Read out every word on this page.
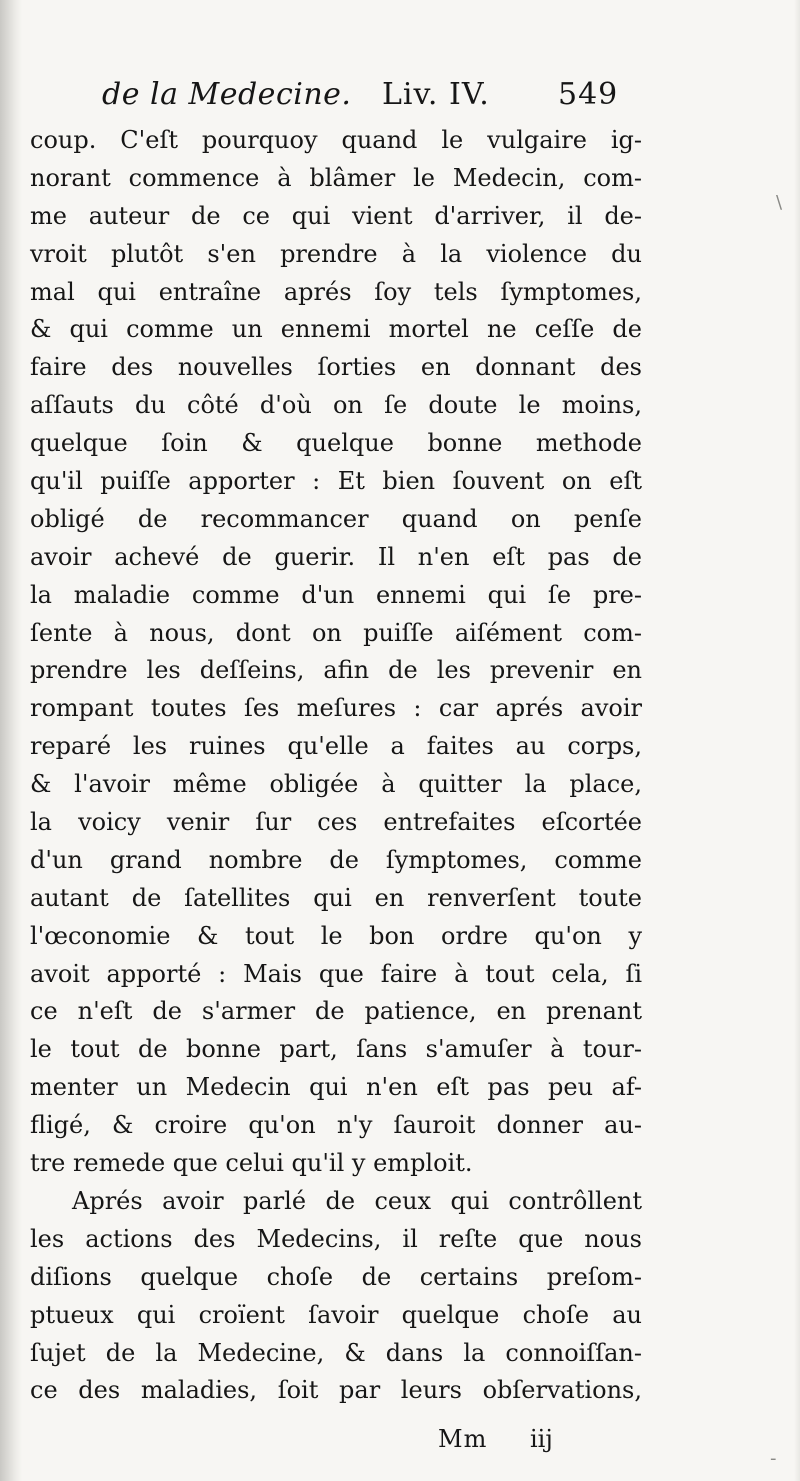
de la Medecine. Liv. IV. 549
coup. C'eſt pourquoy quand le vulgaire ig-
norant commence à blâmer le Medecin, com-
me auteur de ce qui vient d'arriver, il de-
vroit plutôt s'en prendre à la violence du
mal qui entraîne aprés ſoy tels ſymptomes,
& qui comme un ennemi mortel ne ceſſe de
faire des nouvelles ſorties en donnant des
aſſauts du côté d'où on ſe doute le moins,
quelque ſoin & quelque bonne methode
qu'il puiſſe apporter : Et bien ſouvent on eſt
obligé de recommancer quand on penſe
avoir achevé de guerir. Il n'en eſt pas de
la maladie comme d'un ennemi qui ſe pre-
ſente à nous, dont on puiſſe aiſément com-
prendre les deſſeins, afin de les prevenir en
rompant toutes ſes meſures : car aprés avoir
reparé les ruines qu'elle a faites au corps,
& l'avoir même obligée à quitter la place,
la voicy venir ſur ces entrefaites eſcortée
d'un grand nombre de ſymptomes, comme
autant de ſatellites qui en renverſent toute
l'œconomie & tout le bon ordre qu'on y
avoit apporté : Mais que faire à tout cela, ſi
ce n'eſt de s'armer de patience, en prenant
le tout de bonne part, ſans s'amuſer à tour-
menter un Medecin qui n'en eſt pas peu af-
fligé, & croire qu'on n'y ſauroit donner au-
tre remede que celui qu'il y emploit.
Aprés avoir parlé de ceux qui contrôllent
les actions des Medecins, il reſte que nous
diſions quelque choſe de certains preſom-
ptueux qui croïent ſavoir quelque choſe au
ſujet de la Medecine, & dans la connoiſſan-
ce des maladies, ſoit par leurs obſervations,
Mm iij
\
-
